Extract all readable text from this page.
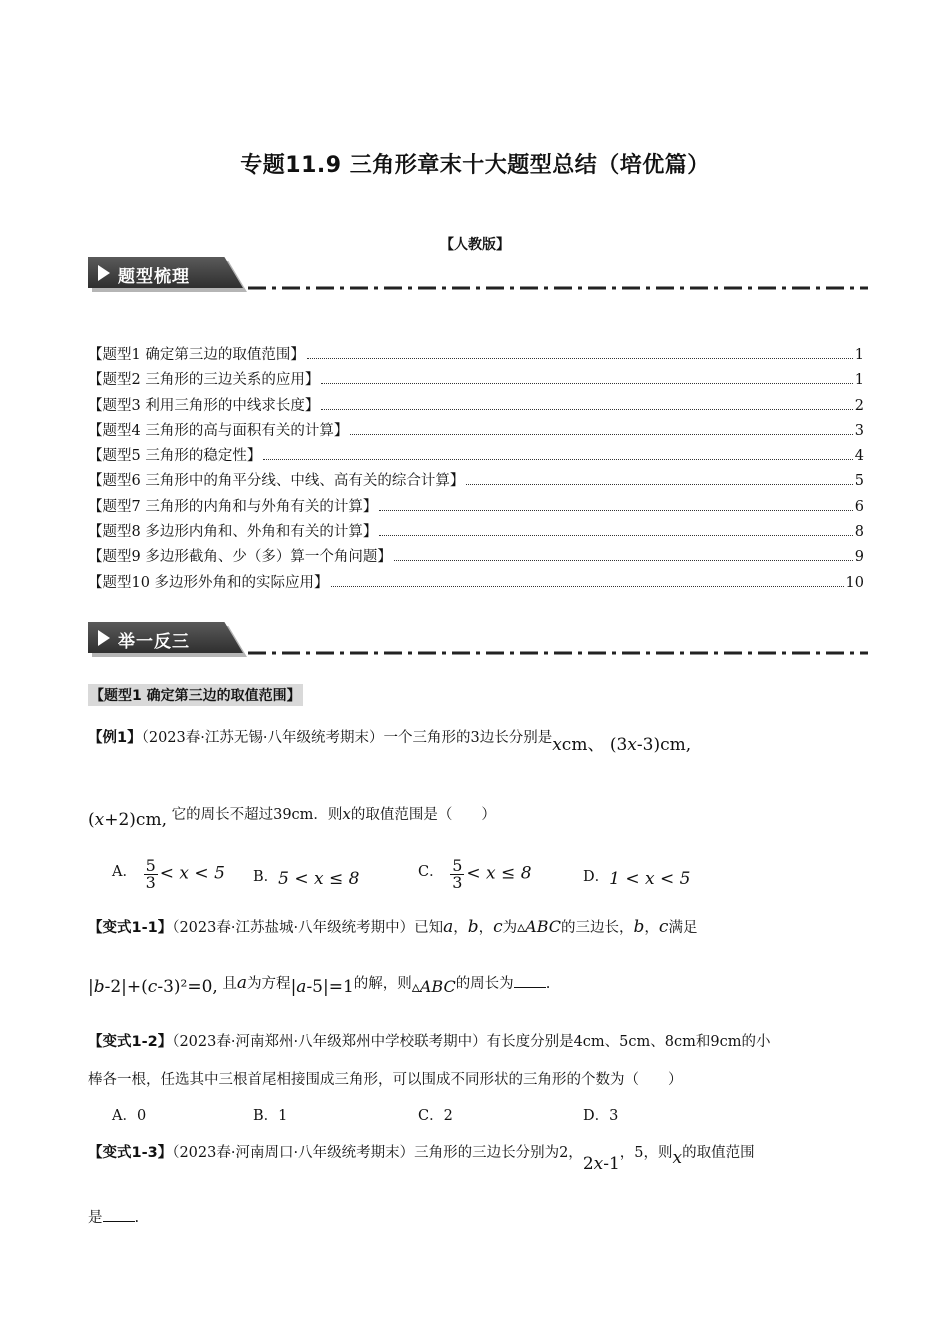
专题11.9 三角形章末十大题型总结（培优篇）
【人教版】
题型梳理
【题型1 确定第三边的取值范围】	1
【题型2 三角形的三边关系的应用】	1
【题型3 利用三角形的中线求长度】	2
【题型4 三角形的高与面积有关的计算】	3
【题型5 三角形的稳定性】	4
【题型6 三角形中的角平分线、中线、高有关的综合计算】	5
【题型7 三角形的内角和与外角有关的计算】	6
【题型8 多边形内角和、外角和有关的计算】	8
【题型9 多边形截角、少（多）算一个角问题】	9
【题型10 多边形外角和的实际应用】	10
举一反三
【题型1 确定第三边的取值范围】
【例1】（2023春·江苏无锡·八年级统考期末）一个三角形的3边长分别是xcm、 (3x-3)cm,
(x+2)cm, 它的周长不超过39cm．则x的取值范围是（　　）
A． $\frac{5}{3} < x < 5$ B．5 < x ≤ 8	C． $\frac{5}{3} < x \le 8$	D．1 < x < 5
【变式1-1】（2023春·江苏盐城·八年级统考期中）已知a，b，c为▵ABC的三边长，b，c满足
|b-2|+(c-3)²=0, 且a为方程|a-5|=1的解，则▵ABC的周长为 .
【变式1-2】（2023春·河南郑州·八年级郑州中学校联考期中）有长度分别是4cm、5cm、8cm和9cm的小
棒各一根，任选其中三根首尾相接围成三角形，可以围成不同形状的三角形的个数为（　　）
A．0	B．1	C．2	D．3
【变式1-3】（2023春·河南周口·八年级统考期末）三角形的三边长分别为2，2x-1，5，则x的取值范围
是 .
